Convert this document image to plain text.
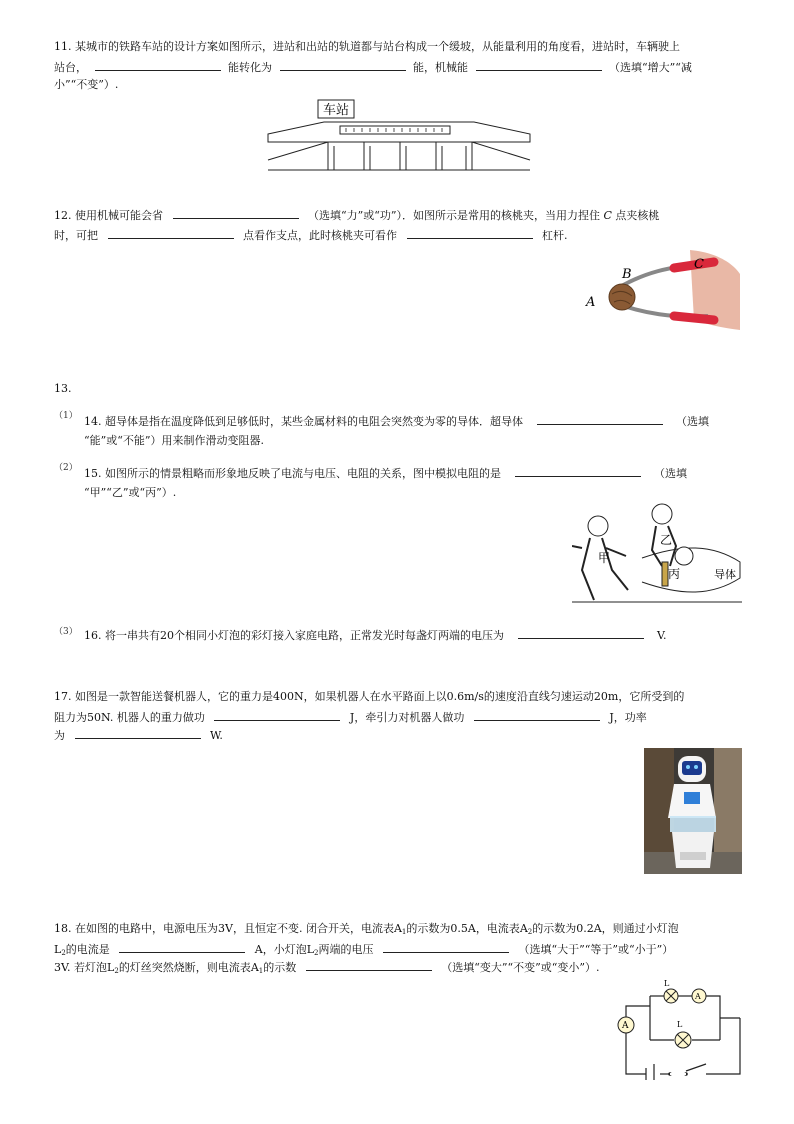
11. 某城市的铁路车站的设计方案如图所示，进站和出站的轨道都与站台构成一个缓坡，从能量利用的角度看，进站时，车辆驶上
站台，	能转化为	能，机械能	（选填“增大”“减
小”“不变”）.
车站
12. 使用机械可能会省	（选填“力”或“功”）．如图所示是常用的核桃夹，当用力捏住 C 点夹核桃
时，可把	点看作支点，此时核桃夹可看作	杠杆.
A
B
C
13.
（1） 14. 超导体是指在温度降低到足够低时，某些金属材料的电阻会突然变为零的导体．超导体	（选填
“能”或“不能”）用来制作滑动变阻器.
（2） 15. 如图所示的情景粗略而形象地反映了电流与电压、电阻的关系，图中模拟电阻的是	（选填
“甲”“乙”或“丙”）.
甲
乙
丙	导体
（3） 16. 将一串共有20个相同小灯泡的彩灯接入家庭电路，正常发光时每盏灯两端的电压为	V.
17. 如图是一款智能送餐机器人，它的重力是400N，如果机器人在水平路面上以0.6m/s的速度沿直线匀速运动20m，它所受到的
阻力为50N. 机器人的重力做功	J，牵引力对机器人做功	J，功率
为	W.
18. 在如图的电路中，电源电压为3V，且恒定不变. 闭合开关，电流表$A_1$的示数为0.5A，电流表$A_2$的示数为0.2A，则通过小灯泡
$L_2$的电流是	A，小灯泡$L_2$两端的电压	（选填“大于”“等于”或“小于”）
3V. 若灯泡$L_2$的灯丝突然烧断，则电流表$A_1$的示数	（选填“变大”“不变”或“变小”）.
A
L
A
L
